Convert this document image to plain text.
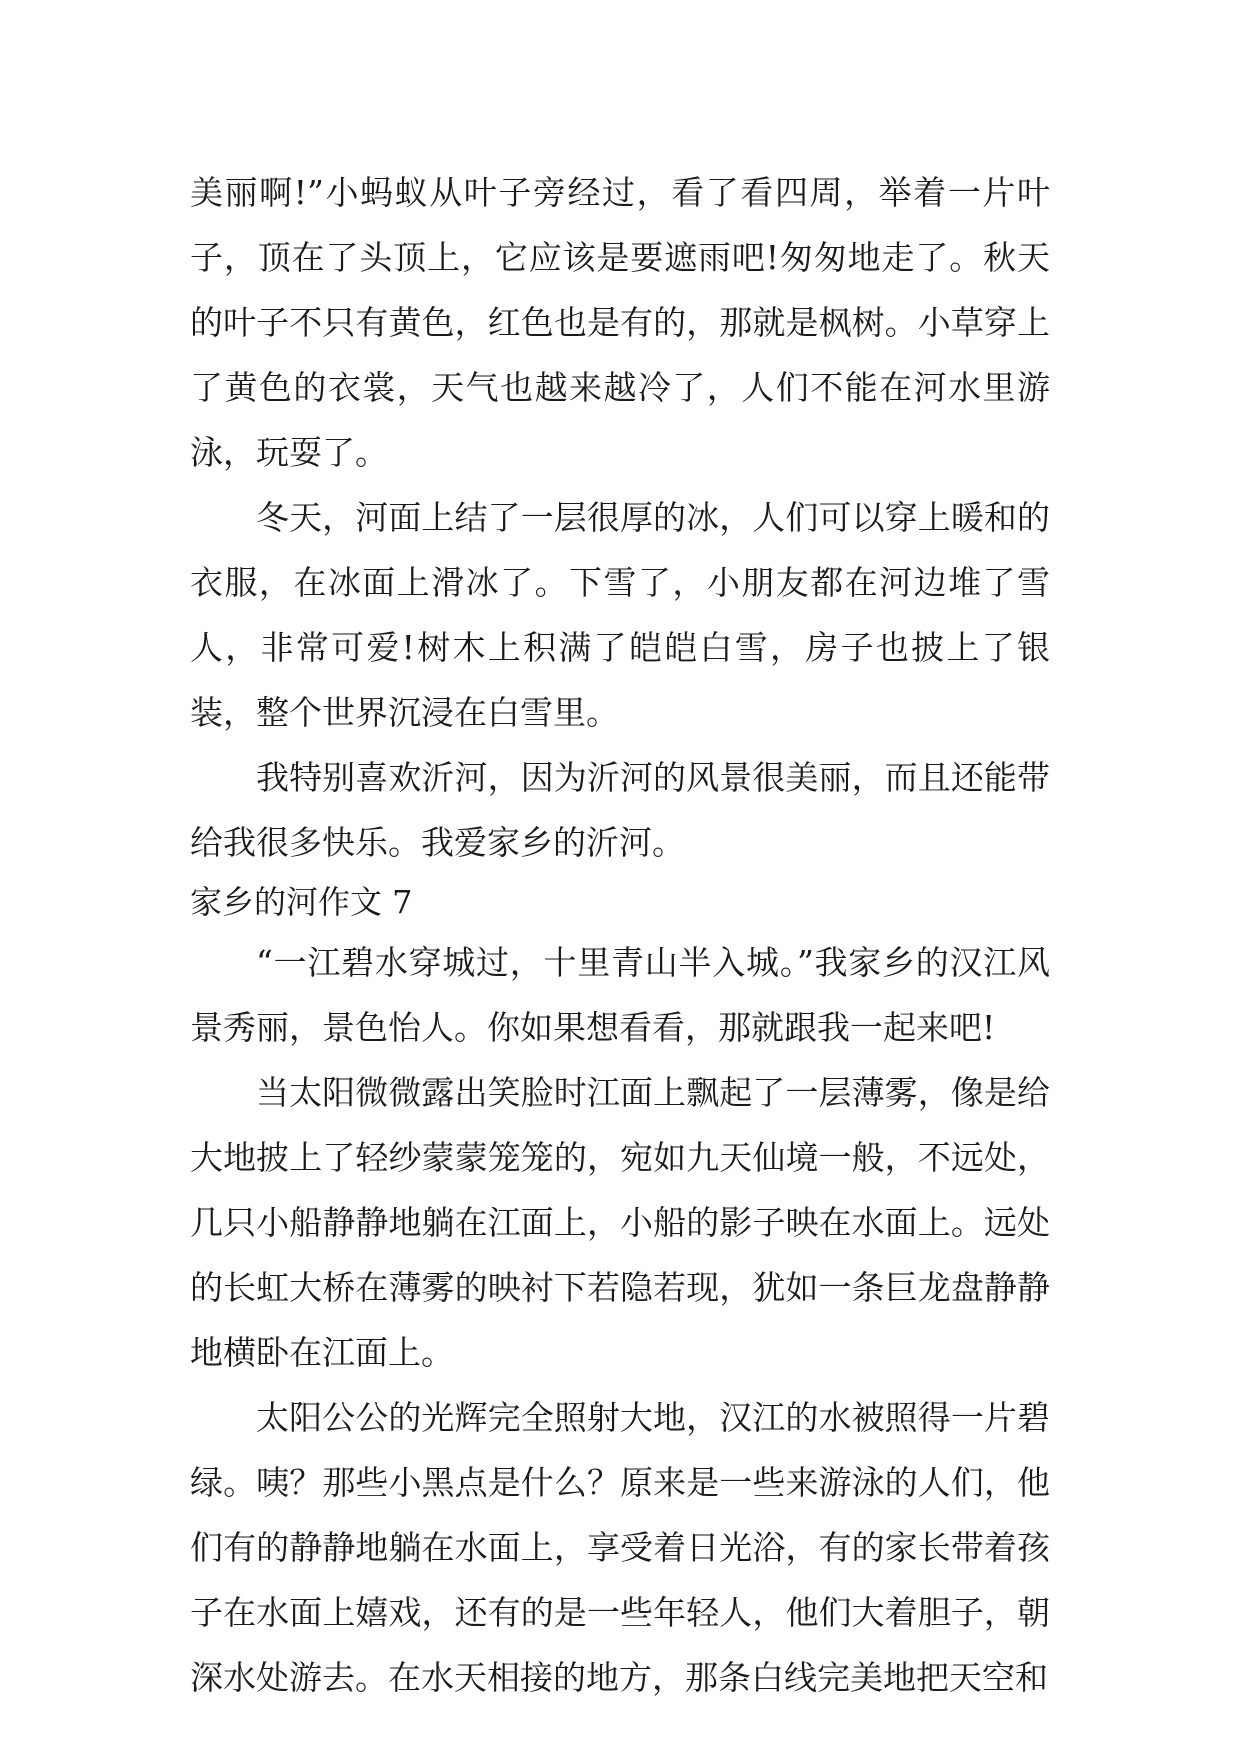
美丽啊!”小蚂蚁从叶子旁经过，看了看四周，举着一片叶子，顶在了头顶上，它应该是要遮雨吧!匆匆地走了。秋天的叶子不只有黄色，红色也是有的，那就是枫树。小草穿上了黄色的衣裳，天气也越来越冷了，人们不能在河水里游泳，玩耍了。

冬天，河面上结了一层很厚的冰，人们可以穿上暖和的衣服，在冰面上滑冰了。下雪了，小朋友都在河边堆了雪人，非常可爱!树木上积满了皑皑白雪，房子也披上了银装，整个世界沉浸在白雪里。

我特别喜欢沂河，因为沂河的风景很美丽，而且还能带给我很多快乐。我爱家乡的沂河。

家乡的河作文 7

“一江碧水穿城过，十里青山半入城。”我家乡的汉江风景秀丽，景色怡人。你如果想看看，那就跟我一起来吧!

当太阳微微露出笑脸时江面上飘起了一层薄雾，像是给大地披上了轻纱蒙蒙笼笼的，宛如九天仙境一般，不远处，几只小船静静地躺在江面上，小船的影子映在水面上。远处的长虹大桥在薄雾的映衬下若隐若现，犹如一条巨龙盘静静地横卧在江面上。

太阳公公的光辉完全照射大地，汉江的水被照得一片碧绿。咦？那些小黑点是什么？原来是一些来游泳的人们，他们有的静静地躺在水面上，享受着日光浴，有的家长带着孩子在水面上嬉戏，还有的是一些年轻人，他们大着胆子，朝深水处游去。在水天相接的地方，那条白线完美地把天空和
